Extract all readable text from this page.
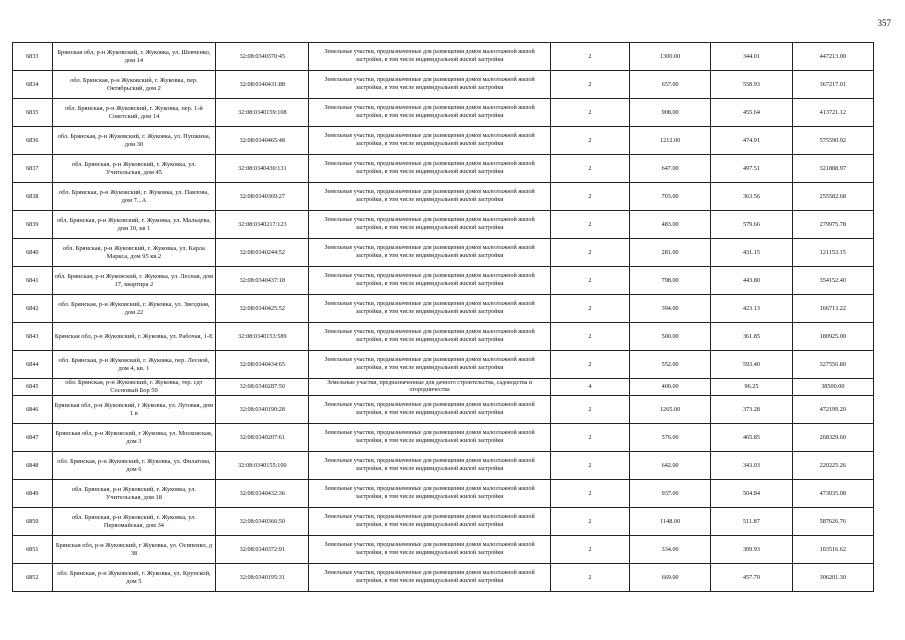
357
6833	Брянская обл, р-н Жуковский, г. Жуковка, ул. Шевченко, дом 14	32:08:0340370:45	Земельные участки, предназначенные для размещения домов малоэтажной жилой застройки, в том числе индивидуальной жилой застройки	2	1300.00	344.01	447213.00
6834	обл. Брянская, р-н Жуковский, г. Жуковка, пер. Октябрьский, дом 2	32:08:0340431:88	Земельные участки, предназначенные для размещения домов малоэтажной жилой застройки, в том числе индивидуальной жилой застройки	2	657.00	558.93	367217.01
6835	обл. Брянская, р-н Жуковский, г. Жуковка, пер. 1-й Советский, дом 14	32:08:0340159:108	Земельные участки, предназначенные для размещения домов малоэтажной жилой застройки, в том числе индивидуальной жилой застройки	2	908.00	455.64	413721.12
6836	обл. Брянская, р-н Жуковский, г. Жуковка, ул. Пушкина, дом 30	32:08:0340465:48	Земельные участки, предназначенные для размещения домов малоэтажной жилой застройки, в том числе индивидуальной жилой застройки	2	1212.00	474.91	575590.92
6837	обл. Брянская, р-н Жуковский, г. Жуковка, ул. Учительская, дом 45	32:08:0340430:131	Земельные участки, предназначенные для размещения домов малоэтажной жилой застройки, в том числе индивидуальной жилой застройки	2	647.00	497.51	321888.97
6838	обл. Брянская, р-н Жуковский, г. Жуковка, ул. Павлова, дом 7...А	32:08:0340369:27	Земельные участки, предназначенные для размещения домов малоэтажной жилой застройки, в том числе индивидуальной жилой застройки	2	703.00	363.56	255582.68
6839	обл. Брянская, р-н Жуковский, г. Жуковка, ул. Мальцева, дом 10, кв 1	32:08:0340217:123	Земельные участки, предназначенные для размещения домов малоэтажной жилой застройки, в том числе индивидуальной жилой застройки	2	483.00	579.66	279975.78
6840	обл. Брянская, р-н Жуковский, г. Жуковка, ул. Карла Маркса, дом 95 кв.2	32:08:0340244:52	Земельные участки, предназначенные для размещения домов малоэтажной жилой застройки, в том числе индивидуальной жилой застройки	2	281.00	431.15	121153.15
6841	обл. Брянская, р-н Жуковский, г. Жуковка, ул. Лесная, дом 17, квартира 2	32:08:0340437:18	Земельные участки, предназначенные для размещения домов малоэтажной жилой застройки, в том числе индивидуальной жилой застройки	2	798.00	443.80	354152.40
6842	обл. Брянская, р-н Жуковский, г. Жуковка, ул. Звездная, дом 22	32:08:0340425:52	Земельные участки, предназначенные для размещения домов малоэтажной жилой застройки, в том числе индивидуальной жилой застройки	2	394.00	423.13	166713.22
6843	Брянская обл, р-н Жуковский, г. Жуковка, ул. Рабочая, 1-Е	32:08:0340153:589	Земельные участки, предназначенные для размещения домов малоэтажной жилой застройки, в том числе индивидуальной жилой застройки	2	500.00	361.85	180925.00
6844	обл. Брянская, р-н Жуковский, г. Жуковка, пер. Лесной, дом 4, кв. 1	32:08:0340434:65	Земельные участки, предназначенные для размещения домов малоэтажной жилой застройки, в том числе индивидуальной жилой застройки	2	552.00	593.40	327556.80
6845	обл. Брянская, р-н Жуковский, г. Жуковка, тер. сдт Сосновый Бор 50	32:08:0340287:50	Земельные участки, предназначенные для дачного строительства, садоводства и огородничества	4	400.00	96.25	38500.00
6846	Брянская обл, р-н Жуковский, г Жуковка, ул. Луговая, дом 1 в	32:08:0340190:28	Земельные участки, предназначенные для размещения домов малоэтажной жилой застройки, в том числе индивидуальной жилой застройки	2	1265.00	373.28	472199.20
6847	Брянская обл, р-н Жуковский, г Жуковка, ул. Московская, дом 3	32:08:0340207:61	Земельные участки, предназначенные для размещения домов малоэтажной жилой застройки, в том числе индивидуальной жилой застройки	2	576.00	465.85	268329.60
6848	обл. Брянская, р-н Жуковский, г. Жуковка, ул. Филатова, дом 6	32:08:0340155:100	Земельные участки, предназначенные для размещения домов малоэтажной жилой застройки, в том числе индивидуальной жилой застройки	2	642.00	343.03	220225.26
6849	обл. Брянская, р-н Жуковский, г. Жуковка, ул. Учительская, дом 18	32:08:0340432:36	Земельные участки, предназначенные для размещения домов малоэтажной жилой застройки, в том числе индивидуальной жилой застройки	2	937.00	504.84	473035.08
6850	обл. Брянская, р-н Жуковский, г. Жуковка, ул. Первомайская, дом 34	32:08:0340366:50	Земельные участки, предназначенные для размещения домов малоэтажной жилой застройки, в том числе индивидуальной жилой застройки	2	1148.00	511.87	587626.76
6851	Брянская обл, р-н Жуковский, г Жуковка, ул. Осипенко, д 38	32:08:0340372:91	Земельные участки, предназначенные для размещения домов малоэтажной жилой застройки, в том числе индивидуальной жилой застройки	2	334.00	309.93	103516.62
6852	обл. Брянская, р-н Жуковский, г. Жуковка, ул. Крупской, дом 5	32:08:0340195:31	Земельные участки, предназначенные для размещения домов малоэтажной жилой застройки, в том числе индивидуальной жилой застройки	2	669.00	457.70	306201.30
